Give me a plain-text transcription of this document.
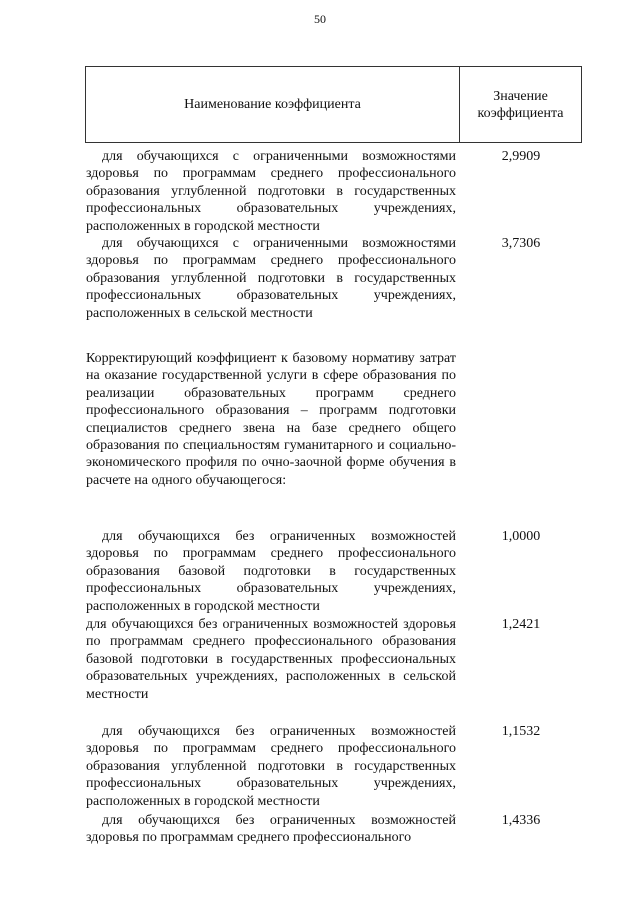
50
Наименование коэффициента
Значение коэффициента
для обучающихся с ограниченными возможностями здоровья по программам среднего профессионального образования углубленной подготовки в государственных профессиональных образовательных учреждениях, расположенных в городской местности
2,9909
для обучающихся с ограниченными возможностями здоровья по программам среднего профессионального образования углубленной подготовки в государственных профессиональных образовательных учреждениях, расположенных в сельской местности
3,7306
Корректирующий коэффициент к базовому нормативу затрат на оказание государственной услуги в сфере образования по реализации образовательных программ среднего профессионального образования – программ подготовки специалистов среднего звена на базе среднего общего образования по специальностям гуманитарного и социально-экономического профиля по очно-заочной форме обучения в расчете на одного обучающегося:
для обучающихся без ограниченных возможностей здоровья по программам среднего профессионального образования базовой подготовки в государственных профессиональных образовательных учреждениях, расположенных в городской местности
1,0000
для обучающихся без ограниченных возможностей здоровья по программам среднего профессионального образования базовой подготовки в государственных профессиональных образовательных учреждениях, расположенных в сельской местности
1,2421
для обучающихся без ограниченных возможностей здоровья по программам среднего профессионального образования углубленной подготовки в государственных профессиональных образовательных учреждениях, расположенных в городской местности
1,1532
для обучающихся без ограниченных возможностей здоровья по программам среднего профессионального
1,4336
